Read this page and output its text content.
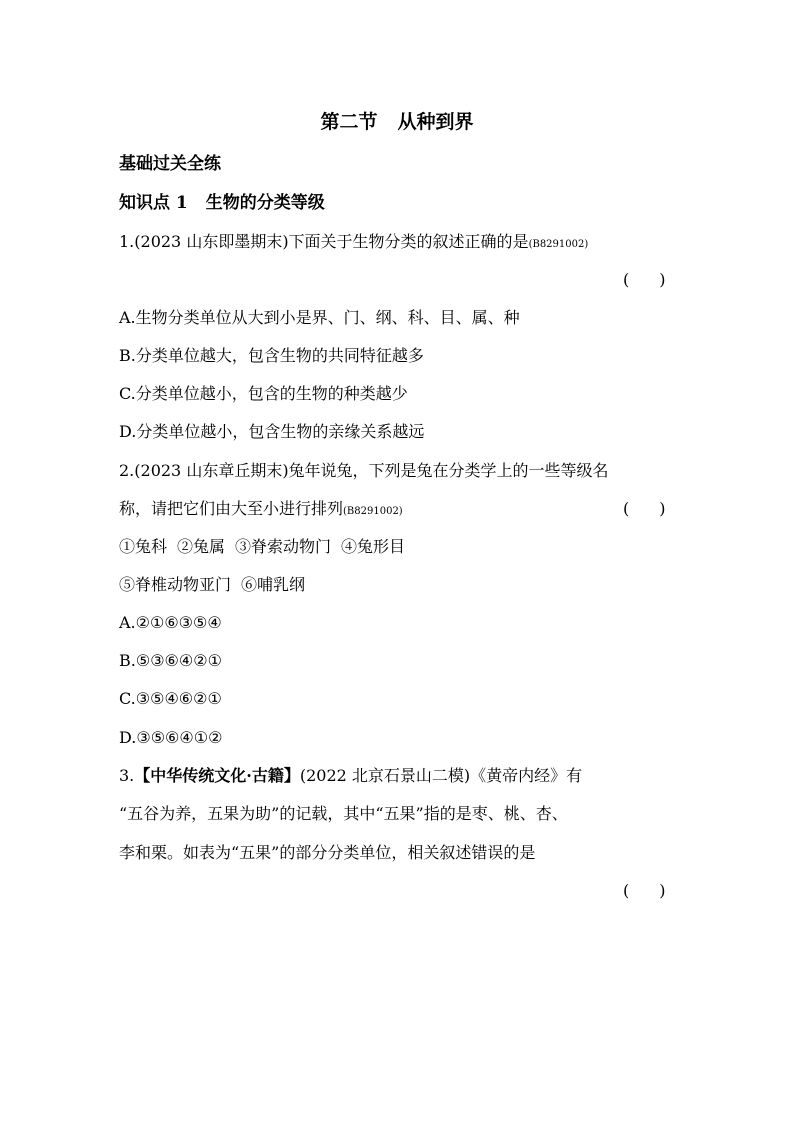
第二节 从种到界
基础过关全练
知识点 1 生物的分类等级
1.(2023 山东即墨期末)下面关于生物分类的叙述正确的是(B8291002)
( )
A.生物分类单位从大到小是界、门、纲、科、目、属、种
B.分类单位越大，包含生物的共同特征越多
C.分类单位越小，包含的生物的种类越少
D.分类单位越小，包含生物的亲缘关系越远
2.(2023 山东章丘期末)兔年说兔，下列是兔在分类学上的一些等级名
称，请把它们由大至小进行排列(B8291002)	( )
①兔科 ②兔属 ③脊索动物门 ④兔形目
⑤脊椎动物亚门 ⑥哺乳纲
A.②①⑥③⑤④
B.⑤③⑥④②①
C.③⑤④⑥②①
D.③⑤⑥④①②
3.【中华传统文化·古籍】(2022 北京石景山二模)《黄帝内经》有
“五谷为养，五果为助”的记载，其中“五果”指的是枣、桃、杏、
李和栗。如表为“五果”的部分分类单位，相关叙述错误的是
( )
